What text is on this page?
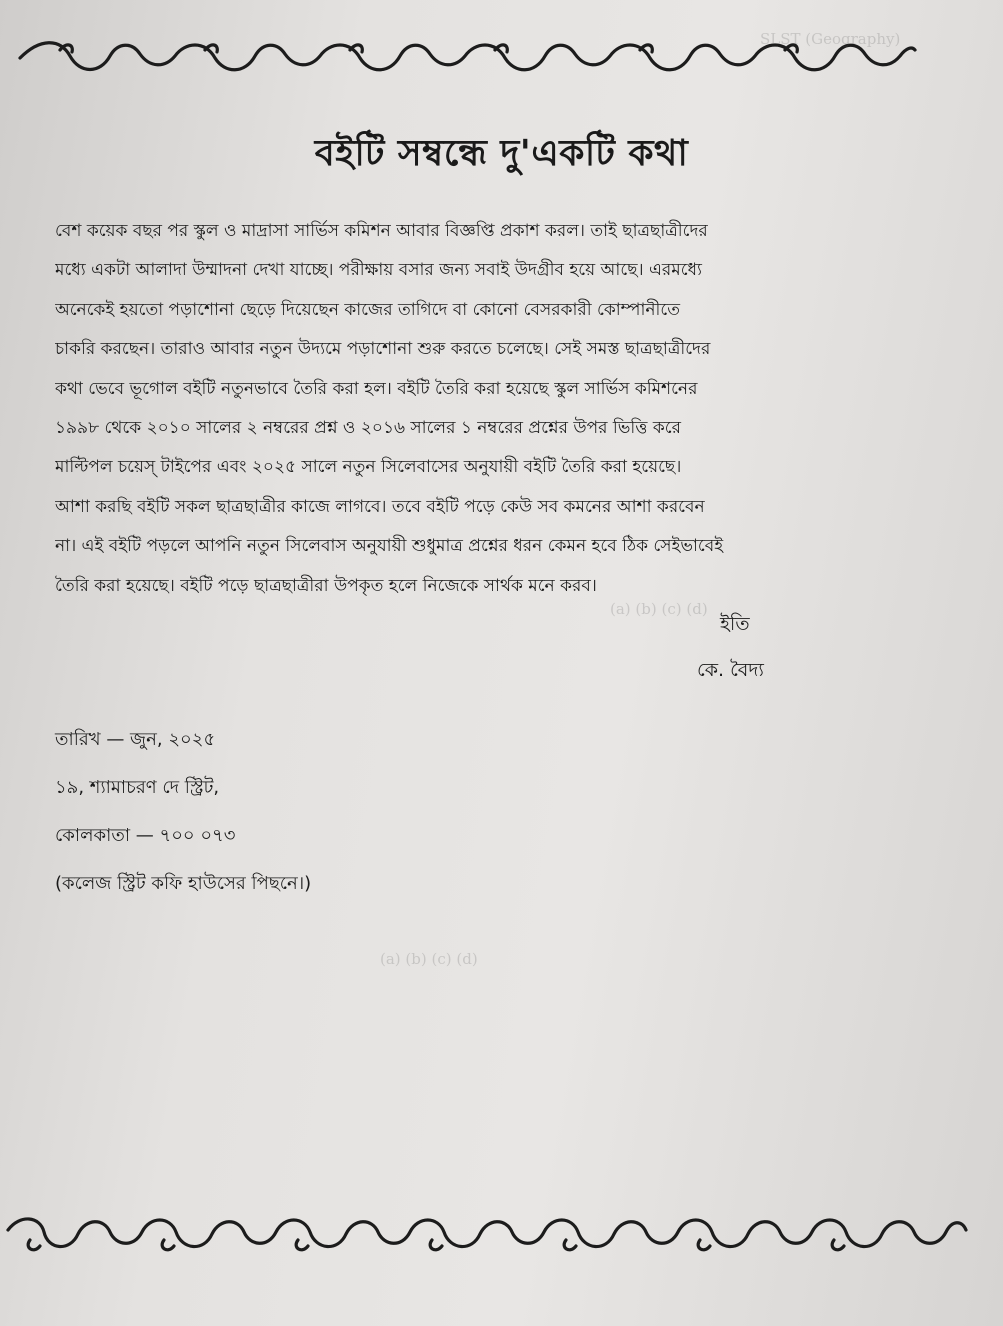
SLST (Geography)
(a) (b) (c) (d)
(a) (b) (c) (d)
বইটি সম্বন্ধে দু'একটি কথা
বেশ কয়েক বছর পর স্কুল ও মাদ্রাসা সার্ভিস কমিশন আবার বিজ্ঞপ্তি প্রকাশ করল। তাই ছাত্রছাত্রীদের
মধ্যে একটা আলাদা উম্মাদনা দেখা যাচ্ছে। পরীক্ষায় বসার জন্য সবাই উদগ্রীব হয়ে আছে। এরমধ্যে
অনেকেই হয়তো পড়াশোনা ছেড়ে দিয়েছেন কাজের তাগিদে বা কোনো বেসরকারী কোম্পানীতে
চাকরি করছেন। তারাও আবার নতুন উদ্যমে পড়াশোনা শুরু করতে চলেছে। সেই সমস্ত ছাত্রছাত্রীদের
কথা ভেবে ভূগোল বইটি নতুনভাবে তৈরি করা হল। বইটি তৈরি করা হয়েছে স্কুল সার্ভিস কমিশনের
১৯৯৮ থেকে ২০১০ সালের ২ নম্বরের প্রশ্ন ও ২০১৬ সালের ১ নম্বরের প্রশ্নের উপর ভিত্তি করে
মাল্টিপল চয়েস্ টাইপের এবং ২০২৫ সালে নতুন সিলেবাসের অনুযায়ী বইটি তৈরি করা হয়েছে।
আশা করছি বইটি সকল ছাত্রছাত্রীর কাজে লাগবে। তবে বইটি পড়ে কেউ সব কমনের আশা করবেন
না। এই বইটি পড়লে আপনি নতুন সিলেবাস অনুযায়ী শুধুমাত্র প্রশ্নের ধরন কেমন হবে ঠিক সেইভাবেই
তৈরি করা হয়েছে। বইটি পড়ে ছাত্রছাত্রীরা উপকৃত হলে নিজেকে সার্থক মনে করব।
ইতি
কে. বৈদ্য
তারিখ — জুন, ২০২৫
১৯, শ্যামাচরণ দে স্ট্রিট,
কোলকাতা — ৭০০ ০৭৩
(কলেজ স্ট্রিট কফি হাউসের পিছনে।)
